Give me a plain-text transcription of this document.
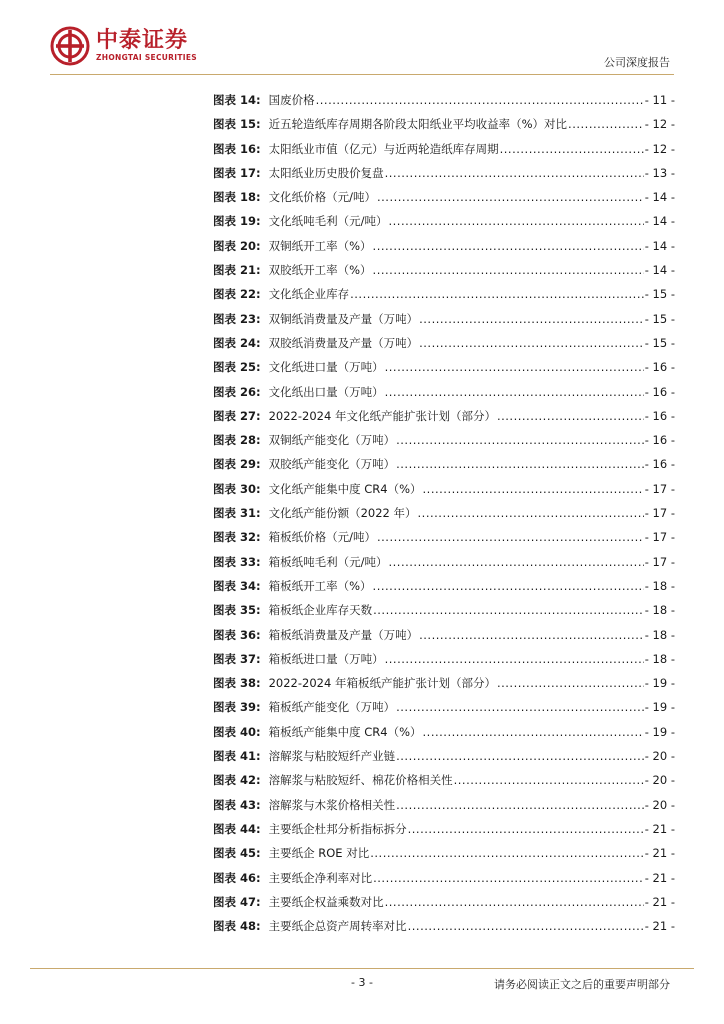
中泰证券
ZHONGTAI SECURITIES	公司深度报告
图表 14: 国废价格 .....	- 11 -
图表 15: 近五轮造纸库存周期各阶段太阳纸业平均收益率（%）对比 .....	- 12 -
图表 16: 太阳纸业市值（亿元）与近两轮造纸库存周期 .....	- 12 -
图表 17: 太阳纸业历史股价复盘 .....	- 13 -
图表 18: 文化纸价格（元/吨） .....	- 14 -
图表 19: 文化纸吨毛利（元/吨） .....	- 14 -
图表 20: 双铜纸开工率（%） .....	- 14 -
图表 21: 双胶纸开工率（%） .....	- 14 -
图表 22: 文化纸企业库存 .....	- 15 -
图表 23: 双铜纸消费量及产量（万吨） .....	- 15 -
图表 24: 双胶纸消费量及产量（万吨） .....	- 15 -
图表 25: 文化纸进口量（万吨） .....	- 16 -
图表 26: 文化纸出口量（万吨） .....	- 16 -
图表 27: 2022-2024 年文化纸产能扩张计划（部分） .....	- 16 -
图表 28: 双铜纸产能变化（万吨） .....	- 16 -
图表 29: 双胶纸产能变化（万吨） .....	- 16 -
图表 30: 文化纸产能集中度 CR4（%） .....	- 17 -
图表 31: 文化纸产能份额（2022 年） .....	- 17 -
图表 32: 箱板纸价格（元/吨） .....	- 17 -
图表 33: 箱板纸吨毛利（元/吨） .....	- 17 -
图表 34: 箱板纸开工率（%） .....	- 18 -
图表 35: 箱板纸企业库存天数 .....	- 18 -
图表 36: 箱板纸消费量及产量（万吨） .....	- 18 -
图表 37: 箱板纸进口量（万吨） .....	- 18 -
图表 38: 2022-2024 年箱板纸产能扩张计划（部分） .....	- 19 -
图表 39: 箱板纸产能变化（万吨） .....	- 19 -
图表 40: 箱板纸产能集中度 CR4（%） .....	- 19 -
图表 41: 溶解浆与粘胶短纤产业链 .....	- 20 -
图表 42: 溶解浆与粘胶短纤、棉花价格相关性 .....	- 20 -
图表 43: 溶解浆与木浆价格相关性 .....	- 20 -
图表 44: 主要纸企杜邦分析指标拆分 .....	- 21 -
图表 45: 主要纸企 ROE 对比 .....	- 21 -
图表 46: 主要纸企净利率对比 .....	- 21 -
图表 47: 主要纸企权益乘数对比 .....	- 21 -
图表 48: 主要纸企总资产周转率对比 .....	- 21 -
- 3 -	请务必阅读正文之后的重要声明部分
